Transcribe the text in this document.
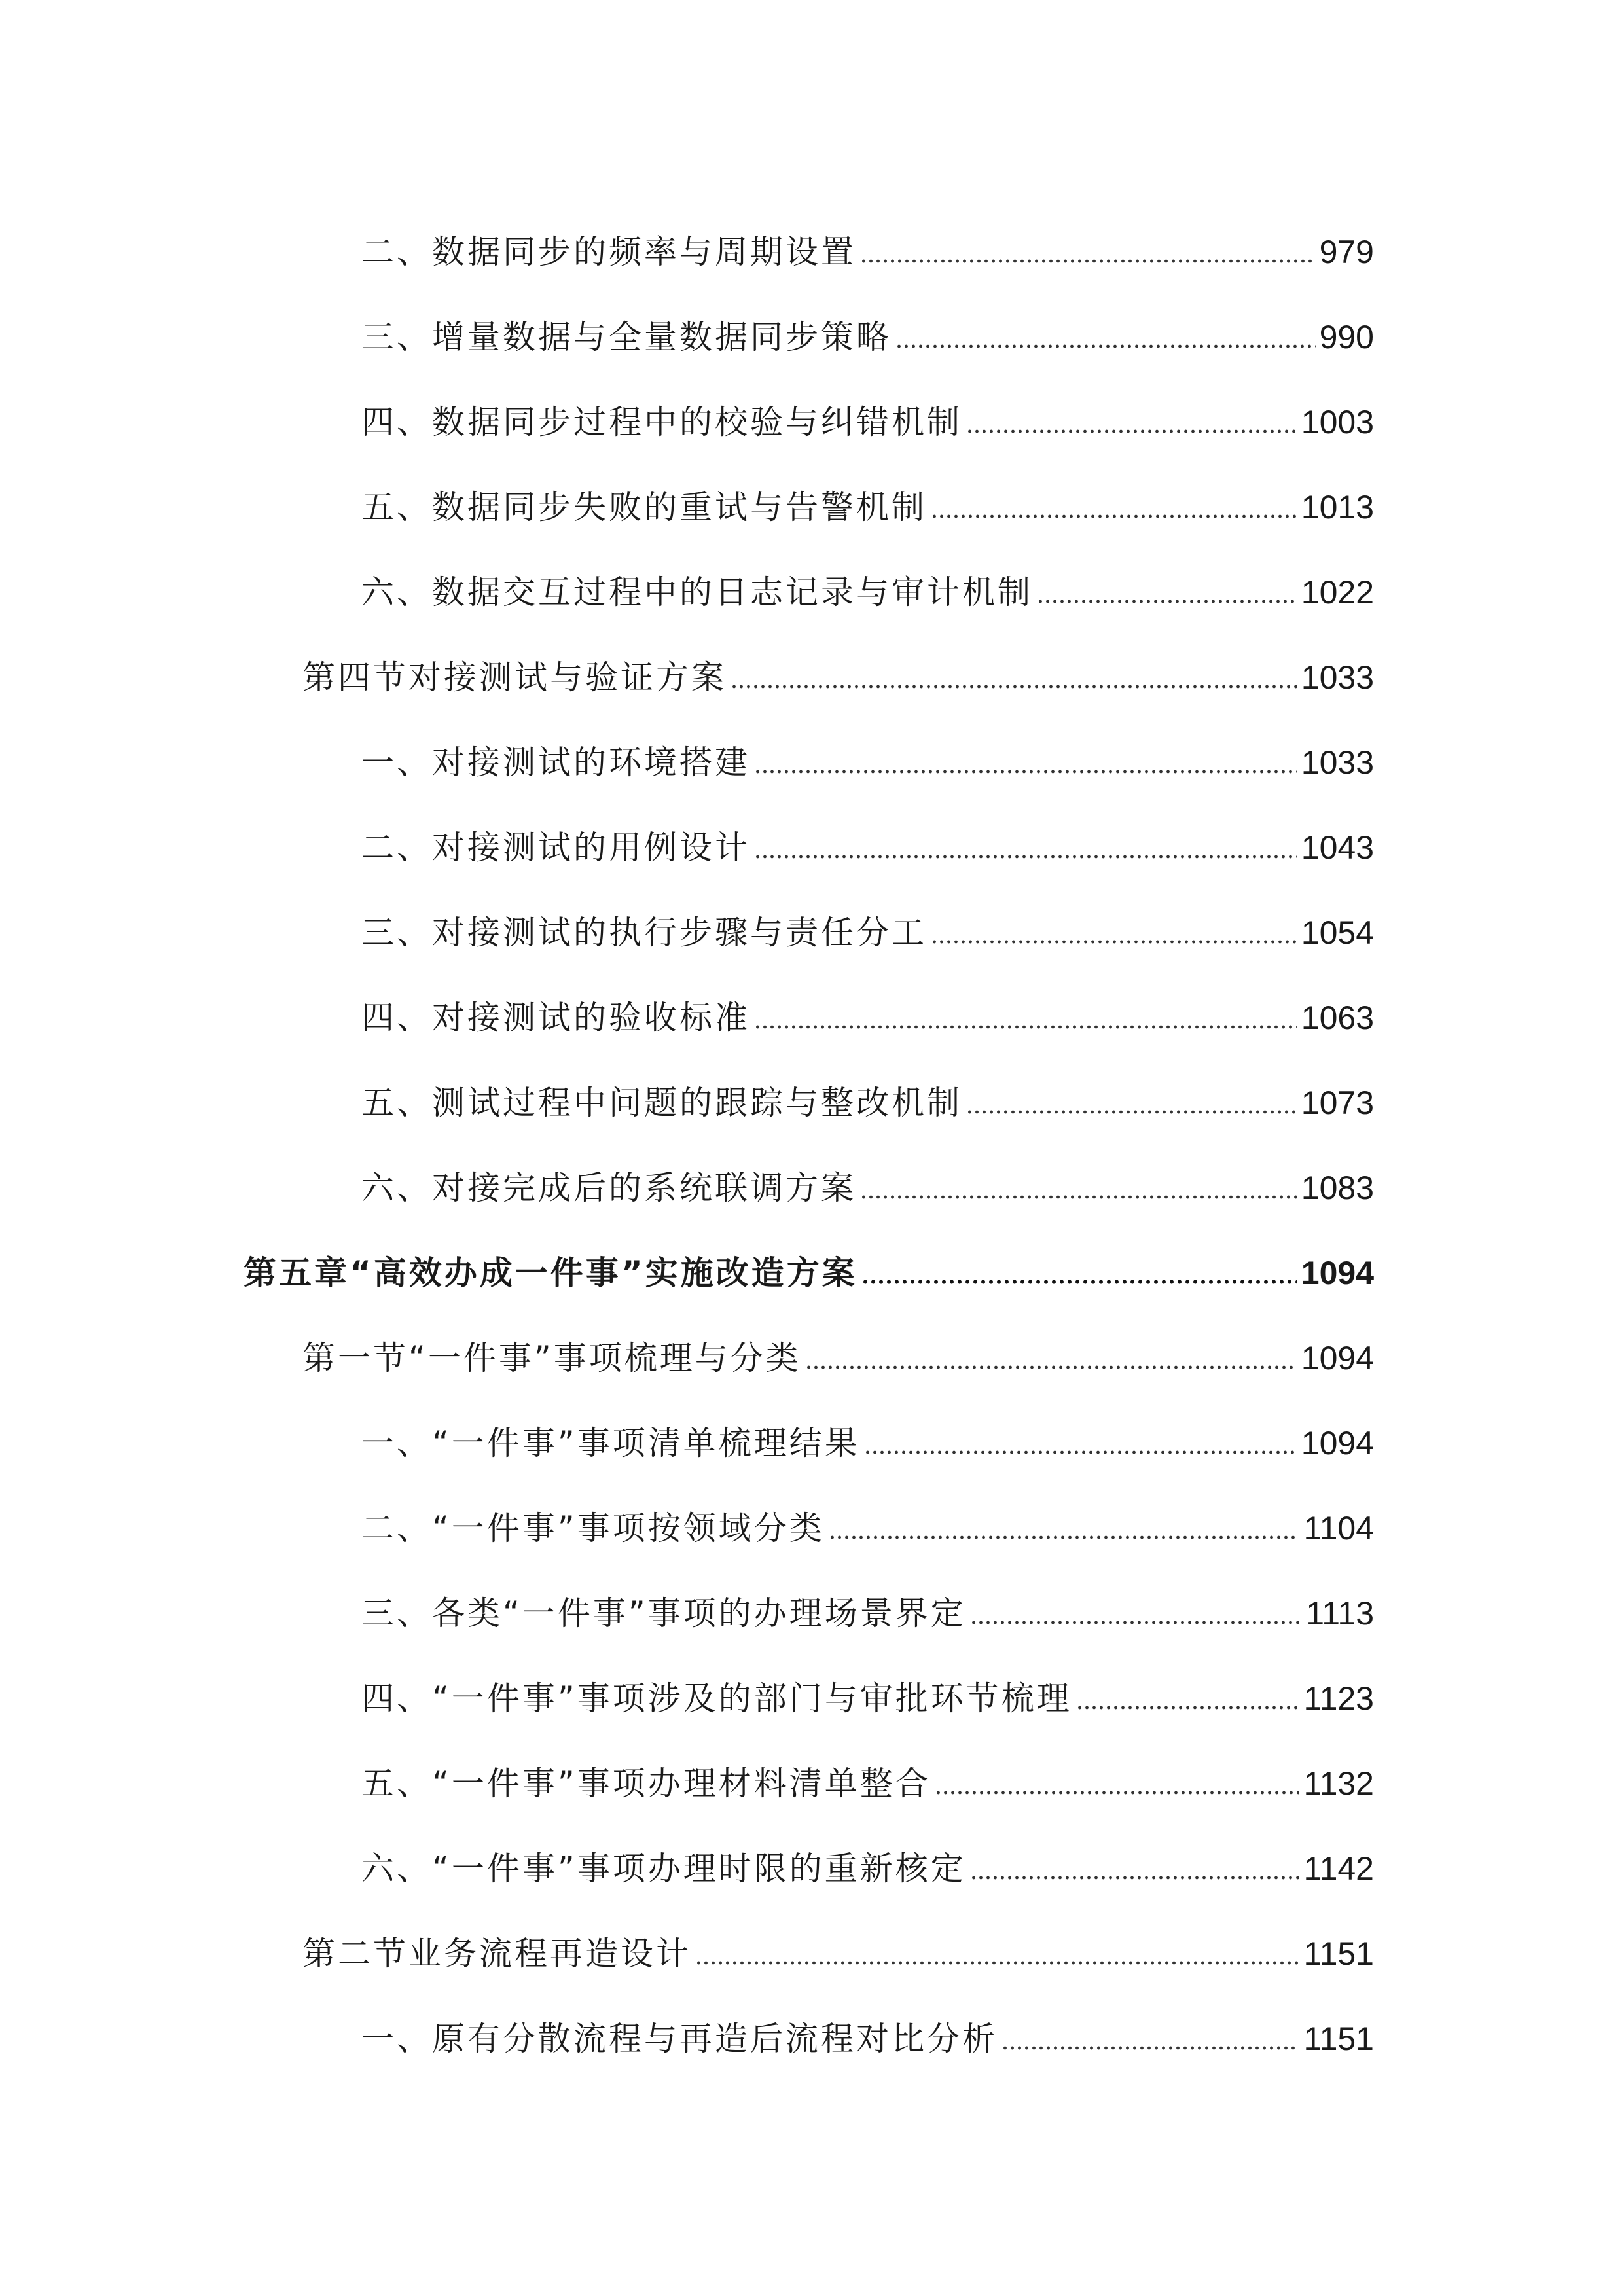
二、数据同步的频率与周期设置	979
三、增量数据与全量数据同步策略	990
四、数据同步过程中的校验与纠错机制	1003
五、数据同步失败的重试与告警机制	1013
六、数据交互过程中的日志记录与审计机制	1022
第四节对接测试与验证方案	1033
一、对接测试的环境搭建	1033
二、对接测试的用例设计	1043
三、对接测试的执行步骤与责任分工	1054
四、对接测试的验收标准	1063
五、测试过程中问题的跟踪与整改机制	1073
六、对接完成后的系统联调方案	1083
第五章“高效办成一件事”实施改造方案	1094
第一节“一件事”事项梳理与分类	1094
一、“一件事”事项清单梳理结果	1094
二、“一件事”事项按领域分类	1104
三、各类“一件事”事项的办理场景界定	1113
四、“一件事”事项涉及的部门与审批环节梳理	1123
五、“一件事”事项办理材料清单整合	1132
六、“一件事”事项办理时限的重新核定	1142
第二节业务流程再造设计	1151
一、原有分散流程与再造后流程对比分析	1151
